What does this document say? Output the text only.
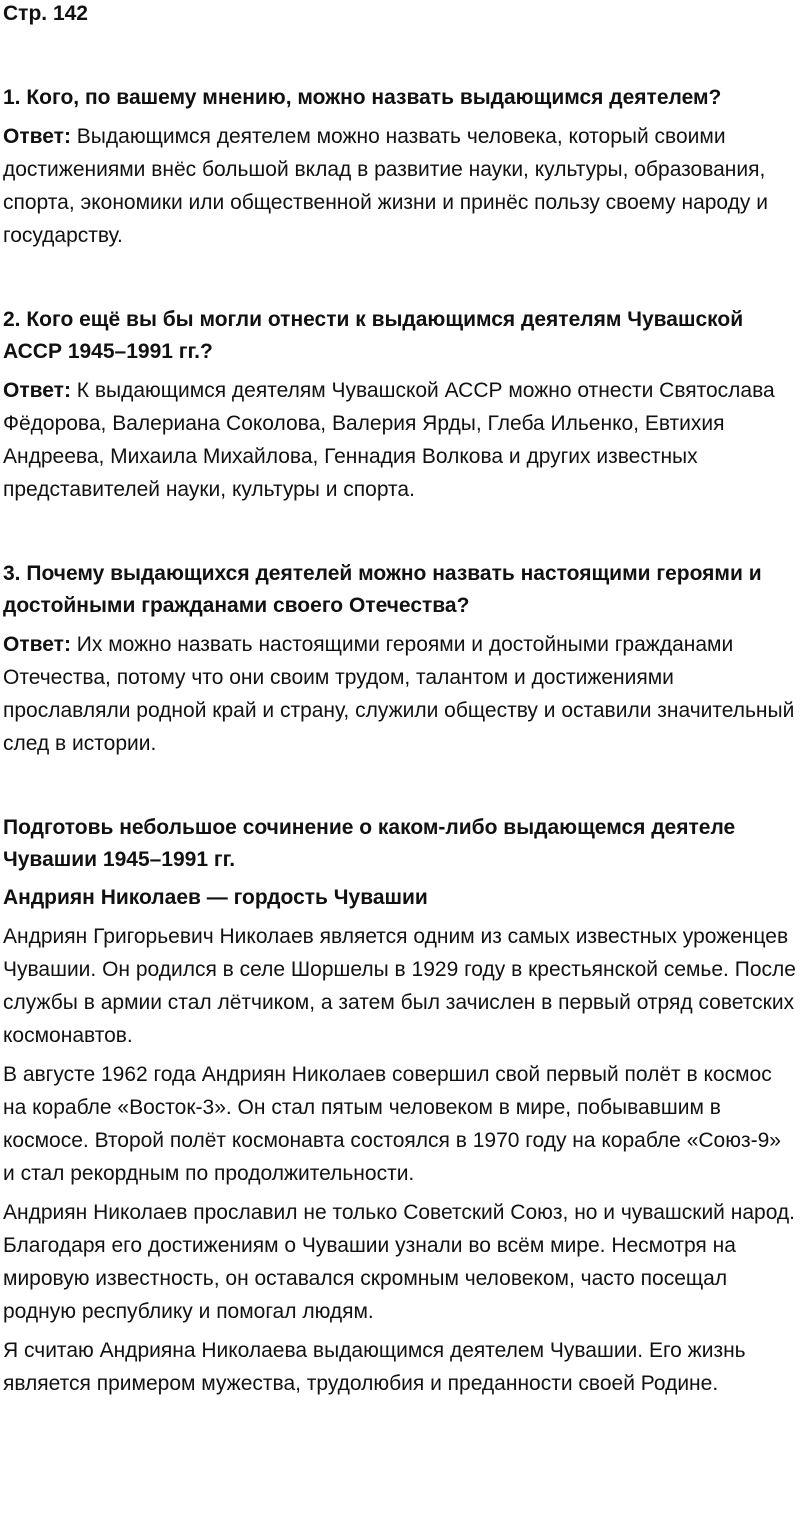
Стр. 142
1. Кого, по вашему мнению, можно назвать выдающимся деятелем?
Ответ: Выдающимся деятелем можно назвать человека, который своими достижениями внёс большой вклад в развитие науки, культуры, образования, спорта, экономики или общественной жизни и принёс пользу своему народу и государству.
2. Кого ещё вы бы могли отнести к выдающимся деятелям Чувашской АССР 1945–1991 гг.?
Ответ: К выдающимся деятелям Чувашской АССР можно отнести Святослава Фёдорова, Валериана Соколова, Валерия Ярды, Глеба Ильенко, Евтихия Андреева, Михаила Михайлова, Геннадия Волкова и других известных представителей науки, культуры и спорта.
3. Почему выдающихся деятелей можно назвать настоящими героями и достойными гражданами своего Отечества?
Ответ: Их можно назвать настоящими героями и достойными гражданами Отечества, потому что они своим трудом, талантом и достижениями прославляли родной край и страну, служили обществу и оставили значительный след в истории.
Подготовь небольшое сочинение о каком-либо выдающемся деятеле Чувашии 1945–1991 гг.
Андриян Николаев — гордость Чувашии
Андриян Григорьевич Николаев является одним из самых известных уроженцев Чувашии. Он родился в селе Шоршелы в 1929 году в крестьянской семье. После службы в армии стал лётчиком, а затем был зачислен в первый отряд советских космонавтов.
В августе 1962 года Андриян Николаев совершил свой первый полёт в космос на корабле «Восток-3». Он стал пятым человеком в мире, побывавшим в космосе. Второй полёт космонавта состоялся в 1970 году на корабле «Союз-9» и стал рекордным по продолжительности.
Андриян Николаев прославил не только Советский Союз, но и чувашский народ. Благодаря его достижениям о Чувашии узнали во всём мире. Несмотря на мировую известность, он оставался скромным человеком, часто посещал родную республику и помогал людям.
Я считаю Андрияна Николаева выдающимся деятелем Чувашии. Его жизнь является примером мужества, трудолюбия и преданности своей Родине.
